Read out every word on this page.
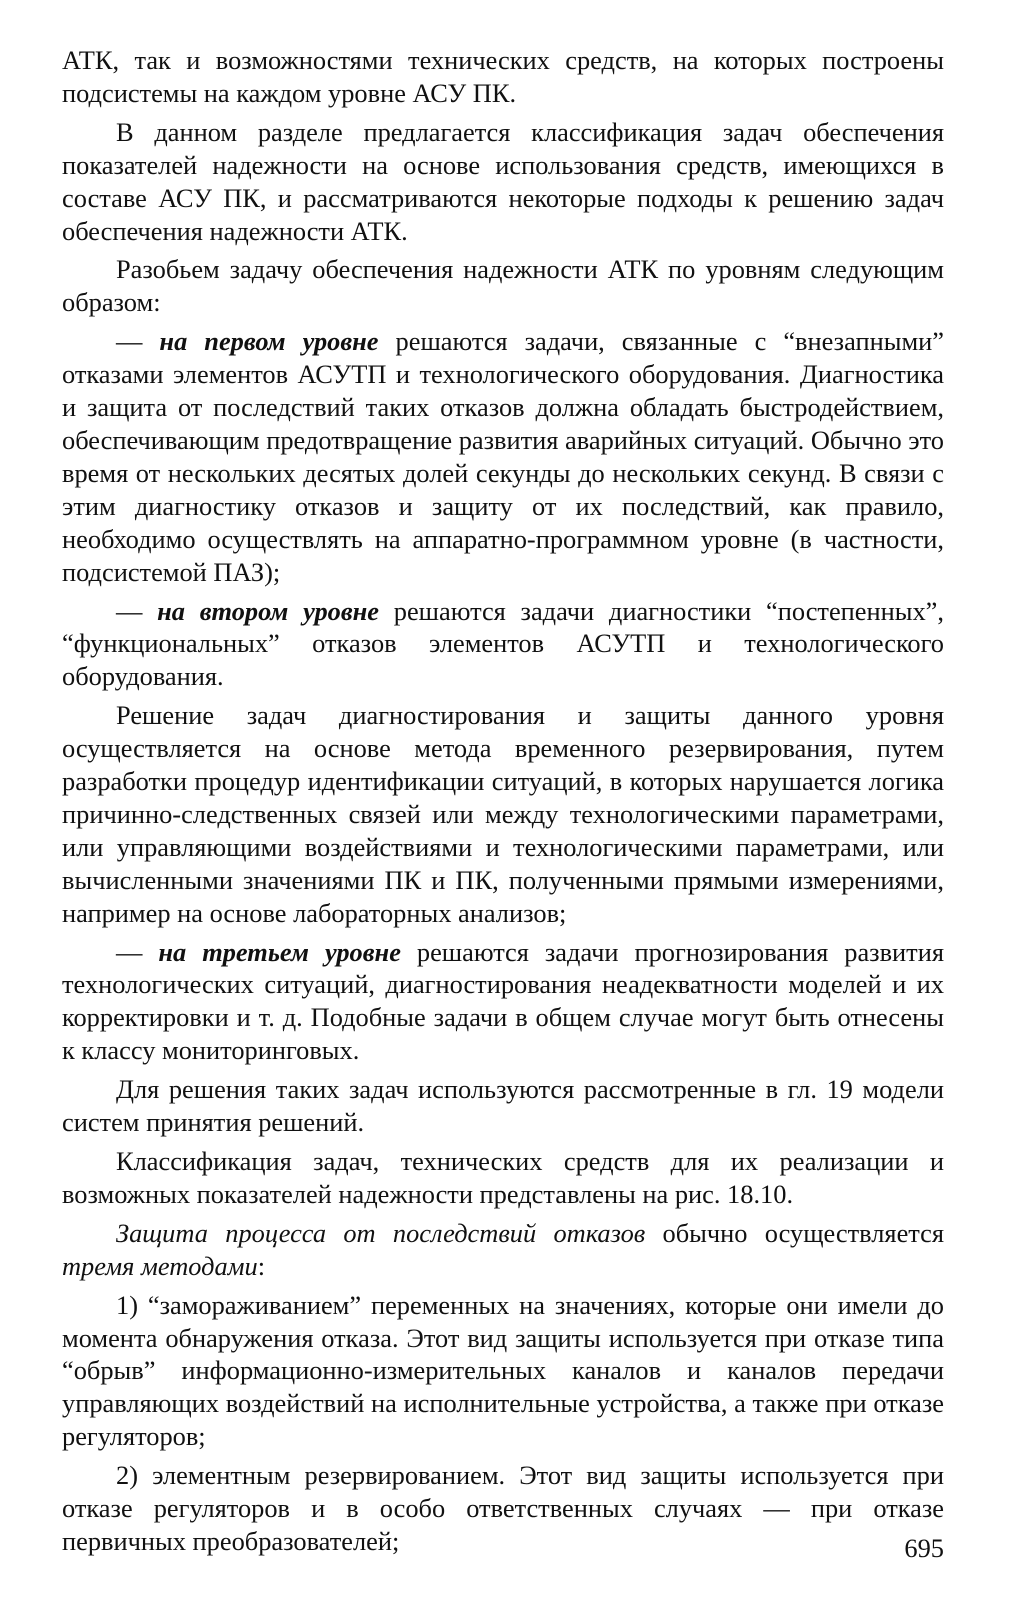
АТК, так и возможностями технических средств, на которых построены подсистемы на каждом уровне АСУ ПК.

В данном разделе предлагается классификация задач обеспечения показателей надежности на основе использования средств, имеющихся в составе АСУ ПК, и рассматриваются некоторые подходы к решению задач обеспечения надежности АТК.

Разобьем задачу обеспечения надежности АТК по уровням следующим образом:

— на первом уровне решаются задачи, связанные с “внезапными” отказами элементов АСУТП и технологического оборудования. Диагностика и защита от последствий таких отказов должна обладать быстродействием, обеспечивающим предотвращение развития аварийных ситуаций. Обычно это время от нескольких десятых долей секунды до нескольких секунд. В связи с этим диагностику отказов и защиту от их последствий, как правило, необходимо осуществлять на аппаратно-программном уровне (в частности, подсистемой ПАЗ);

— на втором уровне решаются задачи диагностики “постепенных”, “функциональных” отказов элементов АСУТП и технологического оборудования.

Решение задач диагностирования и защиты данного уровня осуществляется на основе метода временного резервирования, путем разработки процедур идентификации ситуаций, в которых нарушается логика причинно-следственных связей или между технологическими параметрами, или управляющими воздействиями и технологическими параметрами, или вычисленными значениями ПК и ПК, полученными прямыми измерениями, например на основе лабораторных анализов;

— на третьем уровне решаются задачи прогнозирования развития технологических ситуаций, диагностирования неадекватности моделей и их корректировки и т. д. Подобные задачи в общем случае могут быть отнесены к классу мониторинговых.

Для решения таких задач используются рассмотренные в гл. 19 модели систем принятия решений.

Классификация задач, технических средств для их реализации и возможных показателей надежности представлены на рис. 18.10.

Защита процесса от последствий отказов обычно осуществляется тремя методами:

1) “замораживанием” переменных на значениях, которые они имели до момента обнаружения отказа. Этот вид защиты используется при отказе типа “обрыв” информационно-измерительных каналов и каналов передачи управляющих воздействий на исполнительные устройства, а также при отказе регуляторов;

2) элементным резервированием. Этот вид защиты используется при отказе регуляторов и в особо ответственных случаях — при отказе первичных преобразователей;	695
